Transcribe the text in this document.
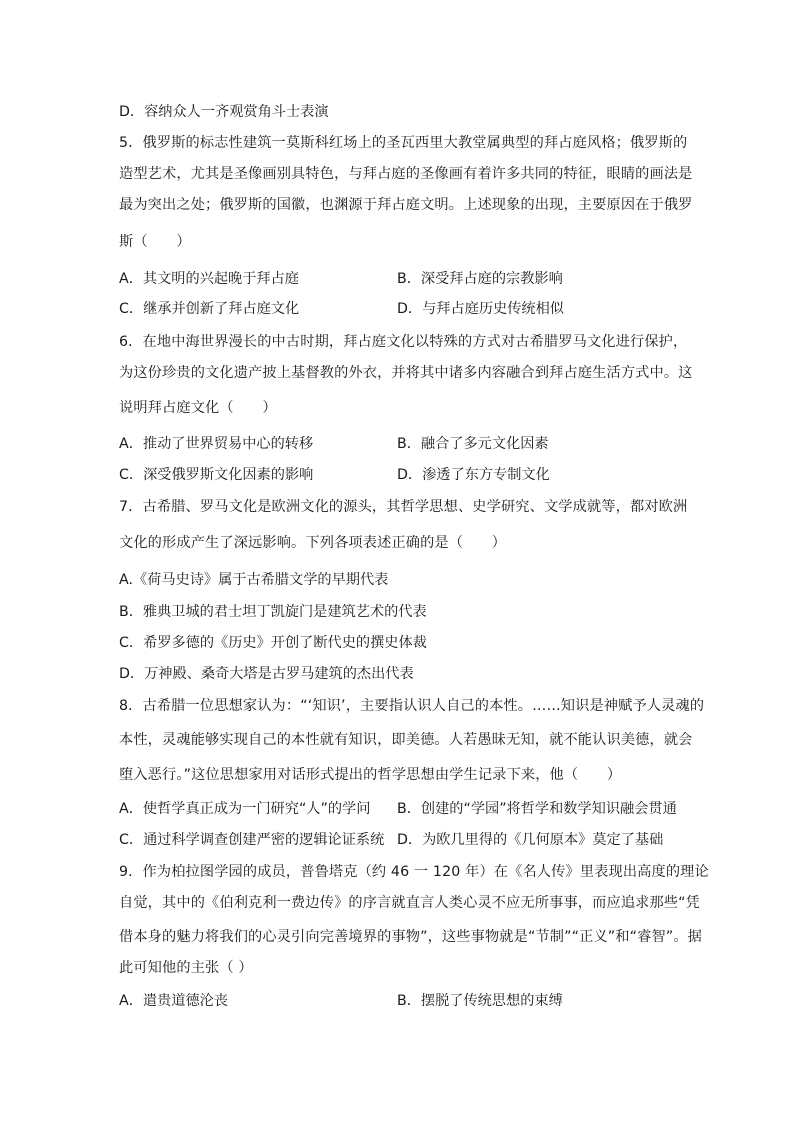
D．容纳众人一齐观赏角斗士表演
5．俄罗斯的标志性建筑一莫斯科红场上的圣瓦西里大教堂属典型的拜占庭风格；俄罗斯的
造型艺术，尤其是圣像画别具特色，与拜占庭的圣像画有着许多共同的特征，眼睛的画法是
最为突出之处；俄罗斯的国徽，也渊源于拜占庭文明。上述现象的出现，主要原因在于俄罗
斯（　　）
A．其文明的兴起晚于拜占庭	B．深受拜占庭的宗教影响
C．继承并创新了拜占庭文化	D．与拜占庭历史传统相似
6．在地中海世界漫长的中古时期，拜占庭文化以特殊的方式对古希腊罗马文化进行保护，
为这份珍贵的文化遗产披上基督教的外衣，并将其中诸多内容融合到拜占庭生活方式中。这
说明拜占庭文化（　　）
A．推动了世界贸易中心的转移	B．融合了多元文化因素
C．深受俄罗斯文化因素的影响	D．渗透了东方专制文化
7．古希腊、罗马文化是欧洲文化的源头，其哲学思想、史学研究、文学成就等，都对欧洲
文化的形成产生了深远影响。下列各项表述正确的是（　　）
A.《荷马史诗》属于古希腊文学的早期代表
B．雅典卫城的君士坦丁凯旋门是建筑艺术的代表
C．希罗多德的《历史》开创了断代史的撰史体裁
D．万神殿、桑奇大塔是古罗马建筑的杰出代表
8．古希腊一位思想家认为：“‘知识’，主要指认识人自己的本性。……知识是神赋予人灵魂的
本性，灵魂能够实现自己的本性就有知识，即美德。人若愚昧无知，就不能认识美德，就会
堕入恶行。”这位思想家用对话形式提出的哲学思想由学生记录下来，他（　　）
A．使哲学真正成为一门研究“人”的学问 B．创建的“学园”将哲学和数学知识融会贯通
C．通过科学调查创建严密的逻辑论证系统 D．为欧几里得的《几何原本》莫定了基础
9．作为柏拉图学园的成员，普鲁塔克（约 46 一 120 年）在《名人传》里表现出高度的理论
自觉，其中的《伯利克利一费边传》的序言就直言人类心灵不应无所事事，而应追求那些“凭
借本身的魅力将我们的心灵引向完善境界的事物”，这些事物就是“节制”“正义”和“睿智”。据
此可知他的主张（ ）
A．遣贵道德沦丧	B．摆脱了传统思想的束缚
